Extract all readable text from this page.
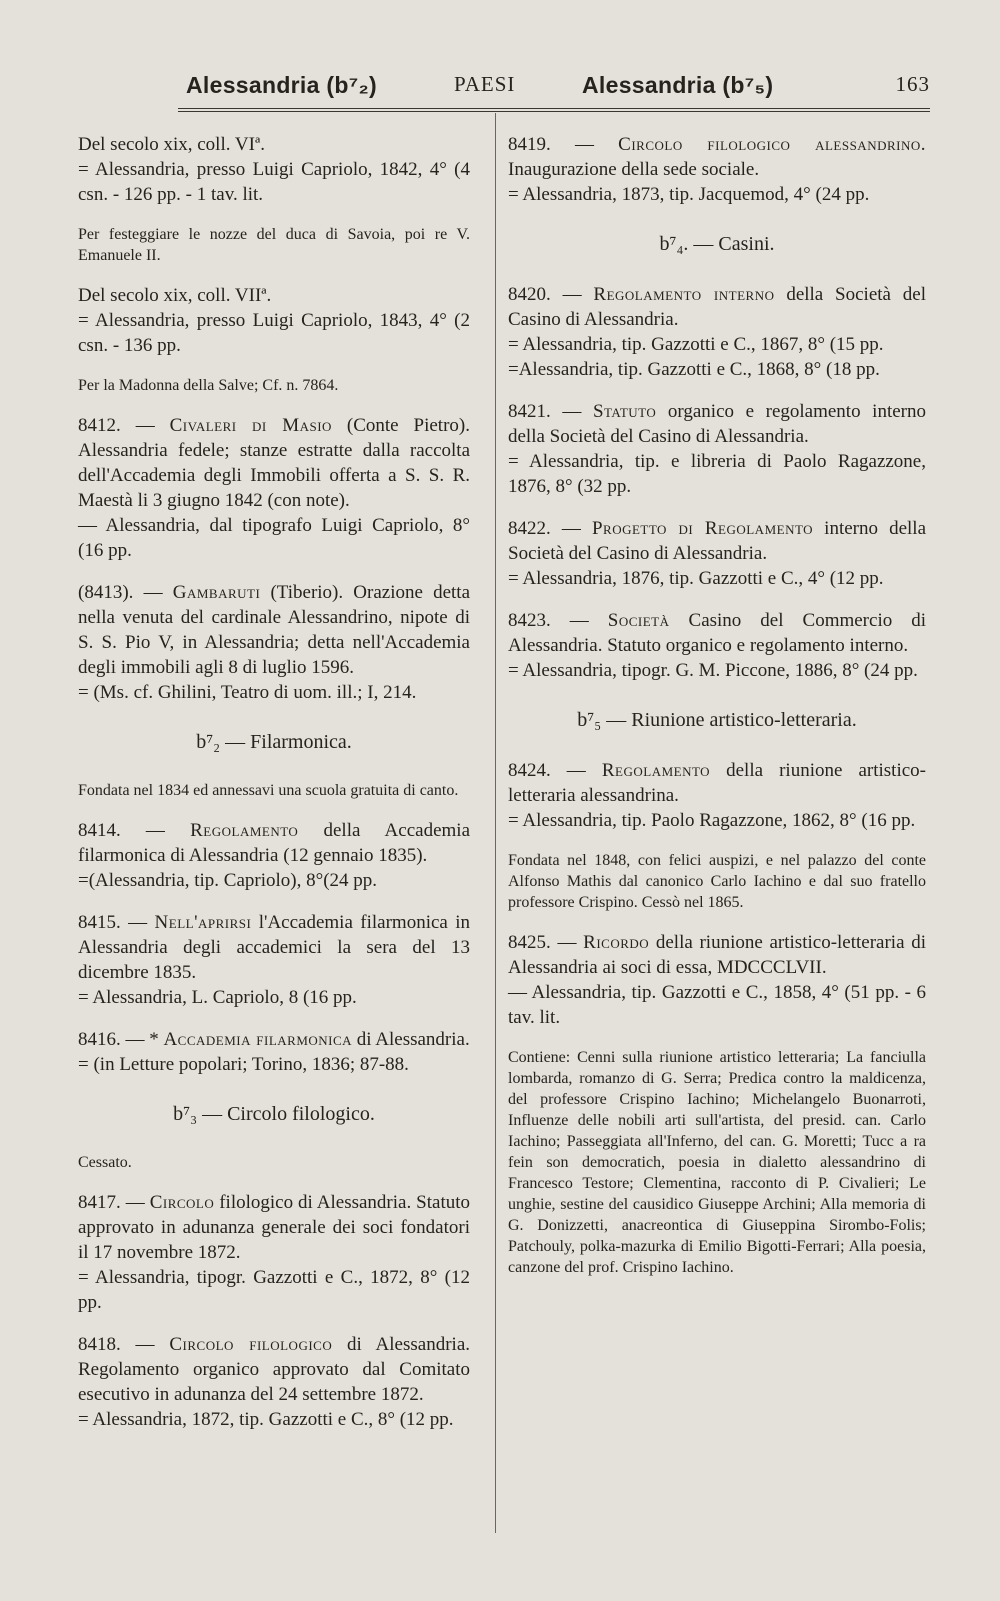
Alessandria (b⁷₂)	PAESI	Alessandria (b⁷₅)	163
Del secolo xix, coll. VIª.
= Alessandria, presso Luigi Capriolo, 1842, 4° (4 csn. - 126 pp. - 1 tav. lit.
Per festeggiare le nozze del duca di Savoia, poi re V. Emanuele II.
Del secolo xix, coll. VIIª.
= Alessandria, presso Luigi Capriolo, 1843, 4° (2 csn. - 136 pp.
Per la Madonna della Salve; Cf. n. 7864.
8412. — Civaleri di Masio (Conte Pietro). Alessandria fedele; stanze estratte dalla raccolta dell'Accademia degli Immobili offerta a S. S. R. Maestà li 3 giugno 1842 (con note).
— Alessandria, dal tipografo Luigi Capriolo, 8° (16 pp.
(8413). — Gambaruti (Tiberio). Orazione detta nella venuta del cardinale Alessandrino, nipote di S. S. Pio V, in Alessandria; detta nell'Accademia degli immobili agli 8 di luglio 1596.
= (Ms. cf. Ghilini, Teatro di uom. ill.; I, 214.
b⁷₂ — Filarmonica.
Fondata nel 1834 ed annessavi una scuola gratuita di canto.
8414. — Regolamento della Accademia filarmonica di Alessandria (12 gennaio 1835).
=(Alessandria, tip. Capriolo), 8°(24 pp.
8415. — Nell'aprirsi l'Accademia filarmonica in Alessandria degli accademici la sera del 13 dicembre 1835.
= Alessandria, L. Capriolo, 8 (16 pp.
8416. — * Accademia filarmonica di Alessandria.
= (in Letture popolari; Torino, 1836; 87-88.
b⁷₃ — Circolo filologico.
Cessato.
8417. — Circolo filologico di Alessandria. Statuto approvato in adunanza generale dei soci fondatori il 17 novembre 1872.
= Alessandria, tipogr. Gazzotti e C., 1872, 8° (12 pp.
8418. — Circolo filologico di Alessandria. Regolamento organico approvato dal Comitato esecutivo in adunanza del 24 settembre 1872.
= Alessandria, 1872, tip. Gazzotti e C., 8° (12 pp.
8419. — Circolo filologico alessandrino. Inaugurazione della sede sociale.
= Alessandria, 1873, tip. Jacquemod, 4° (24 pp.
b⁷₄. — Casini.
8420. — Regolamento interno della Società del Casino di Alessandria.
= Alessandria, tip. Gazzotti e C., 1867, 8° (15 pp.
=Alessandria, tip. Gazzotti e C., 1868, 8° (18 pp.
8421. — Statuto organico e regolamento interno della Società del Casino di Alessandria.
= Alessandria, tip. e libreria di Paolo Ragazzone, 1876, 8° (32 pp.
8422. — Progetto di Regolamento interno della Società del Casino di Alessandria.
= Alessandria, 1876, tip. Gazzotti e C., 4° (12 pp.
8423. — Società Casino del Commercio di Alessandria. Statuto organico e regolamento interno.
= Alessandria, tipogr. G. M. Piccone, 1886, 8° (24 pp.
b⁷₅ — Riunione artistico-letteraria.
8424. — Regolamento della riunione artistico-letteraria alessandrina.
= Alessandria, tip. Paolo Ragazzone, 1862, 8° (16 pp.
Fondata nel 1848, con felici auspizi, e nel palazzo del conte Alfonso Mathis dal canonico Carlo Iachino e dal suo fratello professore Crispino. Cessò nel 1865.
8425. — Ricordo della riunione artistico-letteraria di Alessandria ai soci di essa, MDCCCLVII.
— Alessandria, tip. Gazzotti e C., 1858, 4° (51 pp. - 6 tav. lit.
Contiene: Cenni sulla riunione artistico letteraria; La fanciulla lombarda, romanzo di G. Serra; Predica contro la maldicenza, del professore Crispino Iachino; Michelangelo Buonarroti, Influenze delle nobili arti sull'artista, del presid. can. Carlo Iachino; Passeggiata all'Inferno, del can. G. Moretti; Tucc a ra fein son democratich, poesia in dialetto alessandrino di Francesco Testore; Clementina, racconto di P. Civalieri; Le unghie, sestine del causidico Giuseppe Archini; Alla memoria di G. Donizzetti, anacreontica di Giuseppina Sirombo-Folis; Patchouly, polka-mazurka di Emilio Bigotti-Ferrari; Alla poesia, canzone del prof. Crispino Iachino.
